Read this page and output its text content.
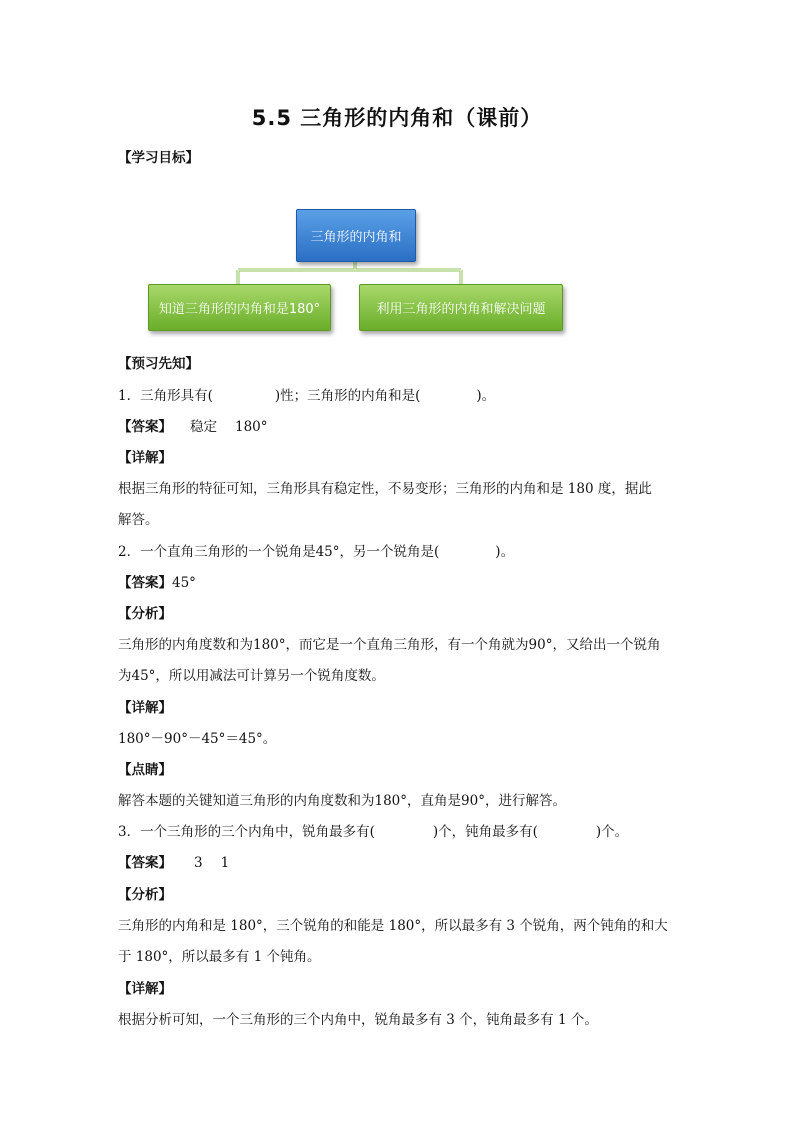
5.5 三角形的内角和（课前）
【学习目标】
三角形的内角和
知道三角形的内角和是180°	利用三角形的内角和解决问题
【预习先知】
1．三角形具有(	)性；三角形的内角和是(	)。
【答案】 稳定 180°
【详解】
根据三角形的特征可知，三角形具有稳定性，不易变形；三角形的内角和是 180 度，据此
解答。
2．一个直角三角形的一个锐角是45°，另一个锐角是(	)。
【答案】45°
【分析】
三角形的内角度数和为180°，而它是一个直角三角形，有一个角就为90°，又给出一个锐角
为45°，所以用减法可计算另一个锐角度数。
【详解】
180°－90°－45°＝45°。
【点睛】
解答本题的关键知道三角形的内角度数和为180°，直角是90°，进行解答。
3．一个三角形的三个内角中，锐角最多有(	)个，钝角最多有(	)个。
【答案】 3 1
【分析】
三角形的内角和是 180°，三个锐角的和能是 180°，所以最多有 3 个锐角，两个钝角的和大
于 180°，所以最多有 1 个钝角。
【详解】
根据分析可知，一个三角形的三个内角中，锐角最多有 3 个，钝角最多有 1 个。
